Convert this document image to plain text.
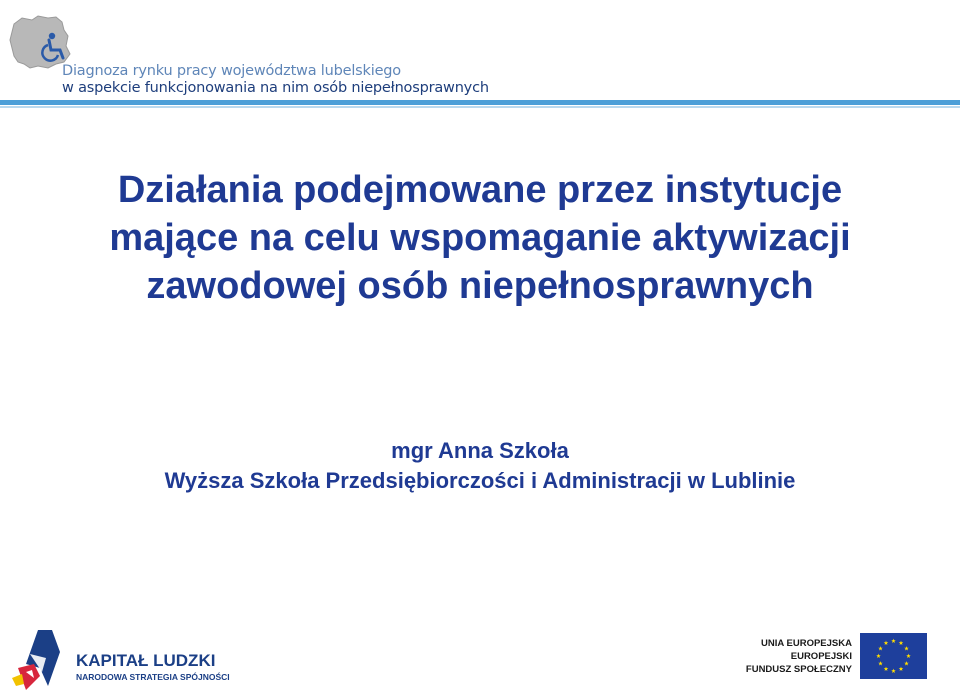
Diagnoza rynku pracy województwa lubelskiego
w aspekcie funkcjonowania na nim osób niepełnosprawnych
Działania podejmowane przez instytucje
mające na celu wspomaganie aktywizacji
zawodowej osób niepełnosprawnych
mgr Anna Szkoła
Wyższa Szkoła Przedsiębiorczości i Administracji w Lublinie
KAPITAŁ LUDZKI
NARODOWA STRATEGIA SPÓJNOŚCI
UNIA EUROPEJSKA
EUROPEJSKI
FUNDUSZ SPOŁECZNY
